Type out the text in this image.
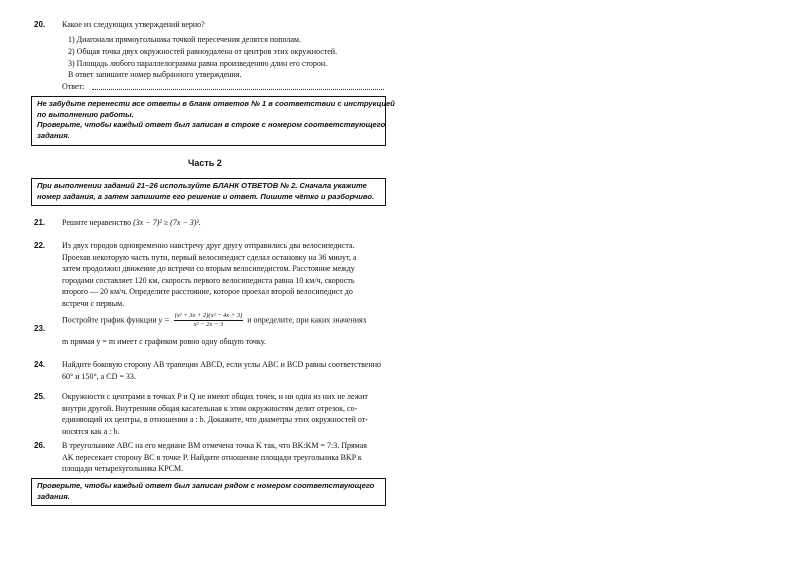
20. Какое из следующих утверждений верно?
1) Диагонали прямоугольника точкой пересечения делятся пополам.
2) Общая точка двух окружностей равноудалена от центров этих окружностей.
3) Площадь любого параллелограмма равна произведению длин его сторон.
В ответ запишите номер выбранного утверждения.
Ответ:
Не забудьте перенести все ответы в бланк ответов № 1 в соответствии с инструкцией
по выполнению работы.
Проверьте, чтобы каждый ответ был записан в строке с номером соответствующего
задания.
Часть 2
При выполнении заданий 21–26 используйте БЛАНК ОТВЕТОВ № 2. Сначала укажите
номер задания, а затем запишите его решение и ответ. Пишите чётко и разборчиво.
21. Решите неравенство (3x − 7)² ≥ (7x − 3)².
22. Из двух городов одновременно навстречу друг другу отправились два велосипедиста.
Проехав некоторую часть пути, первый велосипедист сделал остановку на 36 минут, а
затем продолжил движение до встречи со вторым велосипедистом. Расстояние между
городами составляет 120 км, скорость первого велосипедиста равна 10 км/ч, скорость
второго — 20 км/ч. Определите расстояние, которое проехал второй велосипедист до
встречи с первым.
23.
Постройте график функции $y = \frac{\text{(x² + 3x + 2)(x² − 4x + 3)}}{\text{x² − 2x − 3}}$ и определите, при каких значениях
m прямая y = m имеет с графиком ровно одну общую точку.
24. Найдите боковую сторону AB трапеции ABCD, если углы ABC и BCD равны соответственно
60° и 150°, а CD = 33.
25. Окружности с центрами в точках P и Q не имеют общих точек, и ни одна из них не лежит
внутри другой. Внутренняя общая касательная к этим окружностям делит отрезок, со-
единяющий их центры, в отношении a : b. Докажите, что диаметры этих окружностей от-
носятся как a : b.
26. В треугольнике ABC на его медиане BM отмечена точка K так, что BK:KM = 7:3. Прямая
AK пересекает сторону BC в точке P. Найдите отношение площади треугольника BKP к
площади четырехугольника KPCM.
Проверьте, чтобы каждый ответ был записан рядом с номером соответствующего
задания.
